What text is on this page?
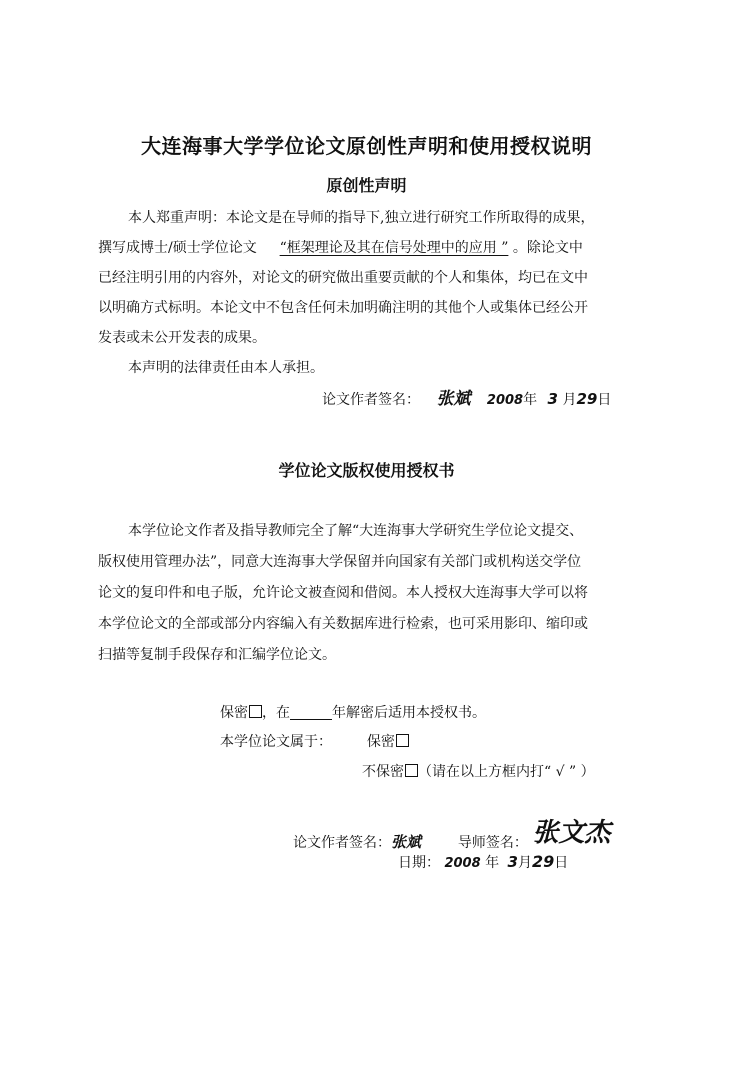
大连海事大学学位论文原创性声明和使用授权说明
原创性声明
本人郑重声明：本论文是在导师的指导下,独立进行研究工作所取得的成果，
撰写成博士/硕士学位论文 “框架理论及其在信号处理中的应用 ” 。除论文中
已经注明引用的内容外，对论文的研究做出重要贡献的个人和集体，均已在文中
以明确方式标明。本论文中不包含任何未加明确注明的其他个人或集体已经公开
发表或未公开发表的成果。
本声明的法律责任由本人承担。
论文作者签名： 张斌 2008年 3 月29日
学位论文版权使用授权书
本学位论文作者及指导教师完全了解“大连海事大学研究生学位论文提交、
版权使用管理办法”，同意大连海事大学保留并向国家有关部门或机构送交学位
论文的复印件和电子版，允许论文被查阅和借阅。本人授权大连海事大学可以将
本学位论文的全部或部分内容编入有关数据库进行检索，也可采用影印、缩印或
扫描等复制手段保存和汇编学位论文。
保密 ，在	年解密后适用本授权书。
本学位论文属于： 保密
不保密 （请在以上方框内打“ √ ” ）
论文作者签名：张斌	导师签名： 张文杰
日期： 2008 年 3月29日
